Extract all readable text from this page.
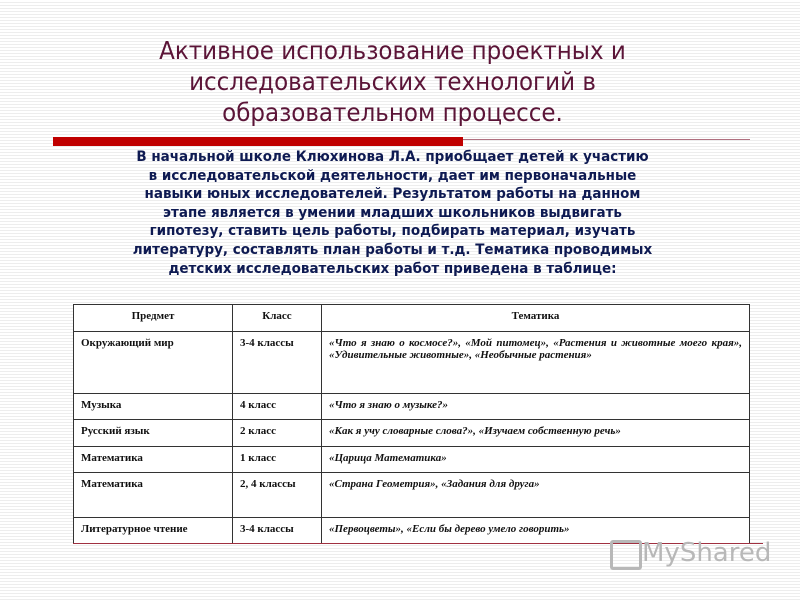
Активное использование проектных и исследовательских технологий в образовательном процессе.
В начальной школе Клюхинова Л.А. приобщает детей к участию в исследовательской деятельности, дает им первоначальные навыки юных исследователей. Результатом работы на данном этапе является в умении младших школьников выдвигать гипотезу, ставить цель работы, подбирать материал, изучать литературу, составлять план работы и т.д. Тематика проводимых детских исследовательских работ приведена в таблице:
Предмет	Класс	Тематика
Окружающий мир	3-4 классы	«Что я знаю о космосе?», «Мой питомец», «Растения и животные моего края», «Удивительные животные», «Необычные растения»
Музыка	4 класс	«Что я знаю о музыке?»
Русский язык	2 класс	«Как я учу словарные слова?», «Изучаем собственную речь»
Математика	1 класс	«Царица Математика»
Математика	2, 4 классы	«Страна Геометрия», «Задания для друга»
Литературное чтение	3-4 классы	«Первоцветы», «Если бы дерево умело говорить»
MyShared
